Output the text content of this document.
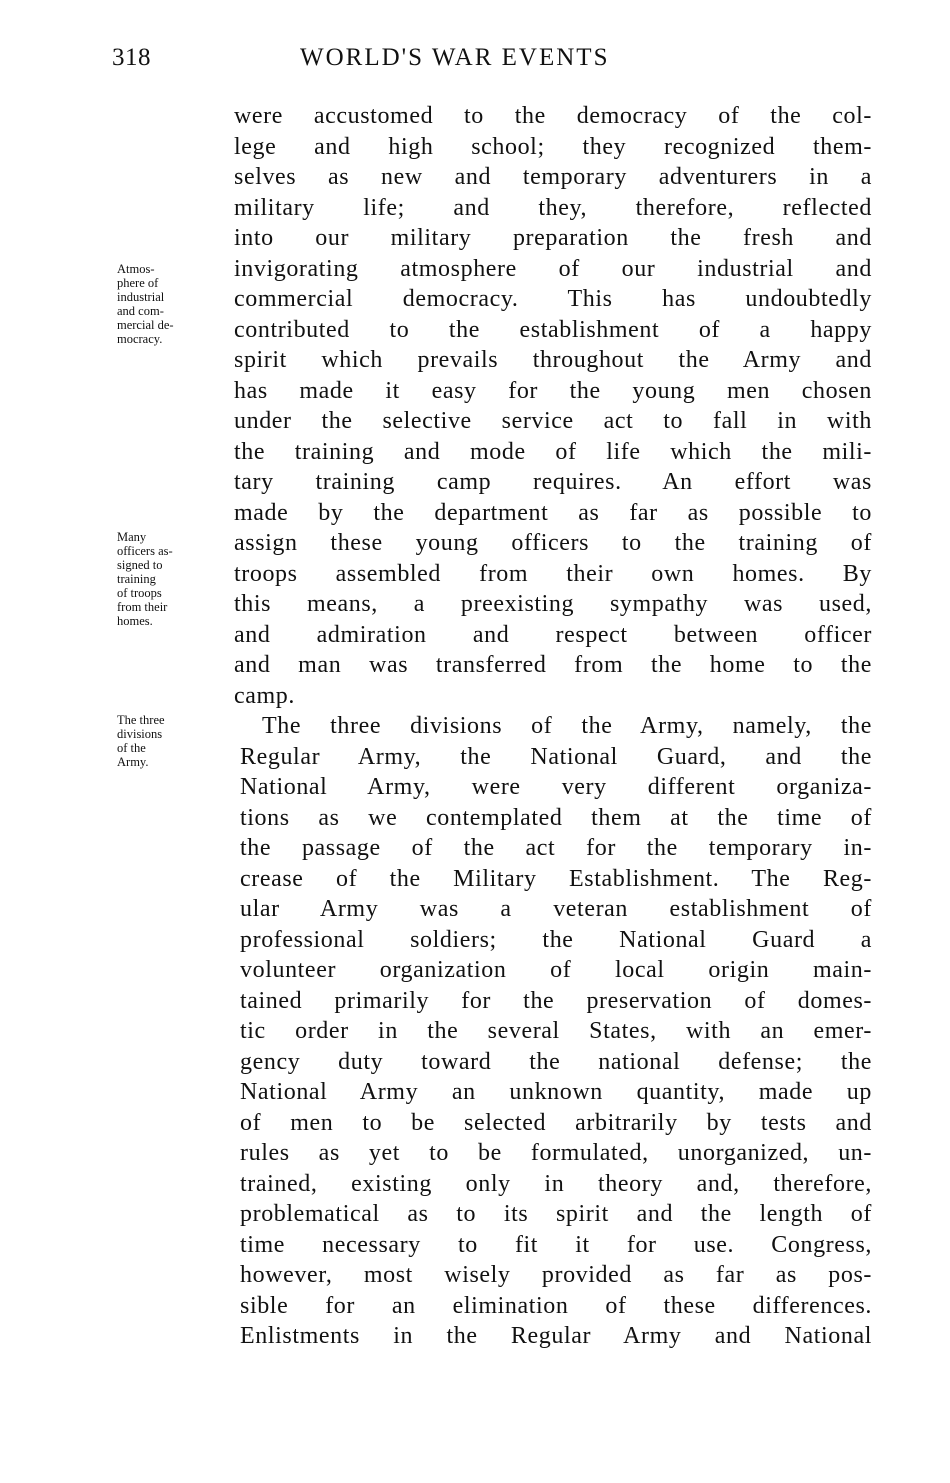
318	WORLD'S WAR EVENTS
Atmos-
phere of
industrial
and com-
mercial de-
mocracy.
Many
officers as-
signed to
training
of troops
from their
homes.
The three
divisions
of the
Army.
were accustomed to the democracy of the col-
lege and high school; they recognized them-
selves as new and temporary adventurers in a
military life; and they, therefore, reflected
into our military preparation the fresh and
invigorating atmosphere of our industrial and
commercial democracy. This has undoubtedly
contributed to the establishment of a happy
spirit which prevails throughout the Army and
has made it easy for the young men chosen
under the selective service act to fall in with
the training and mode of life which the mili-
tary training camp requires. An effort was
made by the department as far as possible to
assign these young officers to the training of
troops assembled from their own homes. By
this means, a preexisting sympathy was used,
and admiration and respect between officer
and man was transferred from the home to the
camp.
The three divisions of the Army, namely, the
Regular Army, the National Guard, and the
National Army, were very different organiza-
tions as we contemplated them at the time of
the passage of the act for the temporary in-
crease of the Military Establishment. The Reg-
ular Army was a veteran establishment of
professional soldiers; the National Guard a
volunteer organization of local origin main-
tained primarily for the preservation of domes-
tic order in the several States, with an emer-
gency duty toward the national defense; the
National Army an unknown quantity, made up
of men to be selected arbitrarily by tests and
rules as yet to be formulated, unorganized, un-
trained, existing only in theory and, therefore,
problematical as to its spirit and the length of
time necessary to fit it for use. Congress,
however, most wisely provided as far as pos-
sible for an elimination of these differences.
Enlistments in the Regular Army and National
